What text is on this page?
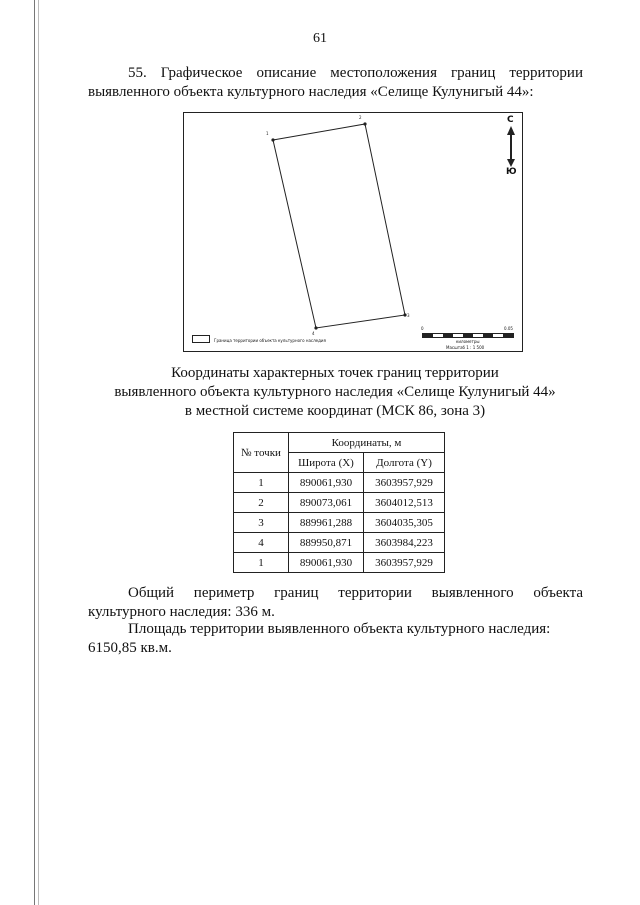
61
55. Графическое описание местоположения границ территории
выявленного объекта культурного наследия «Селище Кулунигый 44»:
1
2
3
4
С
Ю
Граница территории объекта культурного наследия
0	0.05
километры
Масштаб 1 : 1 500
Координаты характерных точек границ территории
выявленного объекта культурного наследия «Селище Кулунигый 44»
в местной системе координат (МСК 86, зона 3)
№ точки	Координаты, м	
	Широта (X)	Долгота (Y)
1	890061,930	3603957,929
2	890073,061	3604012,513
3	889961,288	3604035,305
4	889950,871	3603984,223
1	890061,930	3603957,929
Общий периметр границ территории выявленного объекта
культурного наследия: 336 м.
Площадь территории выявленного объекта культурного наследия:
6150,85 кв.м.
